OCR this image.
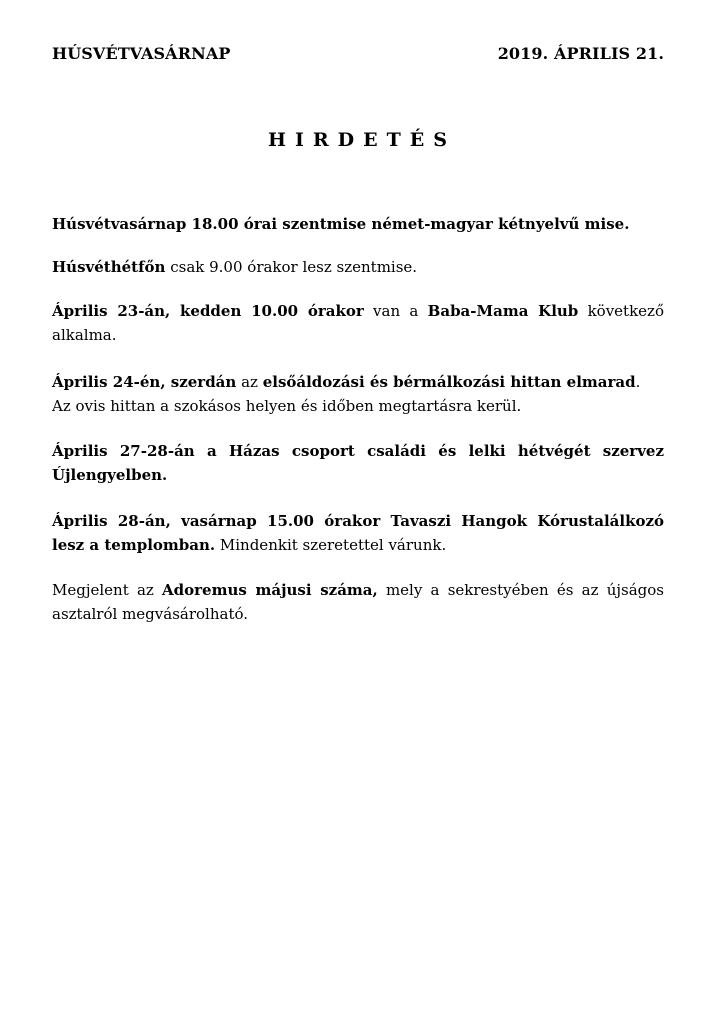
HÚSVÉTVASÁRNAP	2019. ÁPRILIS 21.
HIRDETÉS
Húsvétvasárnap 18.00 órai szentmise német-magyar kétnyelvű mise.
Húsvéthétfőn csak 9.00 órakor lesz szentmise.
Április 23-án, kedden 10.00 órakor van a Baba-Mama Klub következő
alkalma.
Április 24-én, szerdán az elsőáldozási és bérmálkozási hittan elmarad.
Az ovis hittan a szokásos helyen és időben megtartásra kerül.
Április 27-28-án a Házas csoport családi és lelki hétvégét szervez
Újlengyelben.
Április 28-án, vasárnap 15.00 órakor Tavaszi Hangok Kórustalálkozó
lesz a templomban. Mindenkit szeretettel várunk.
Megjelent az Adoremus májusi száma, mely a sekrestyében és az újságos
asztalról megvásárolható.
